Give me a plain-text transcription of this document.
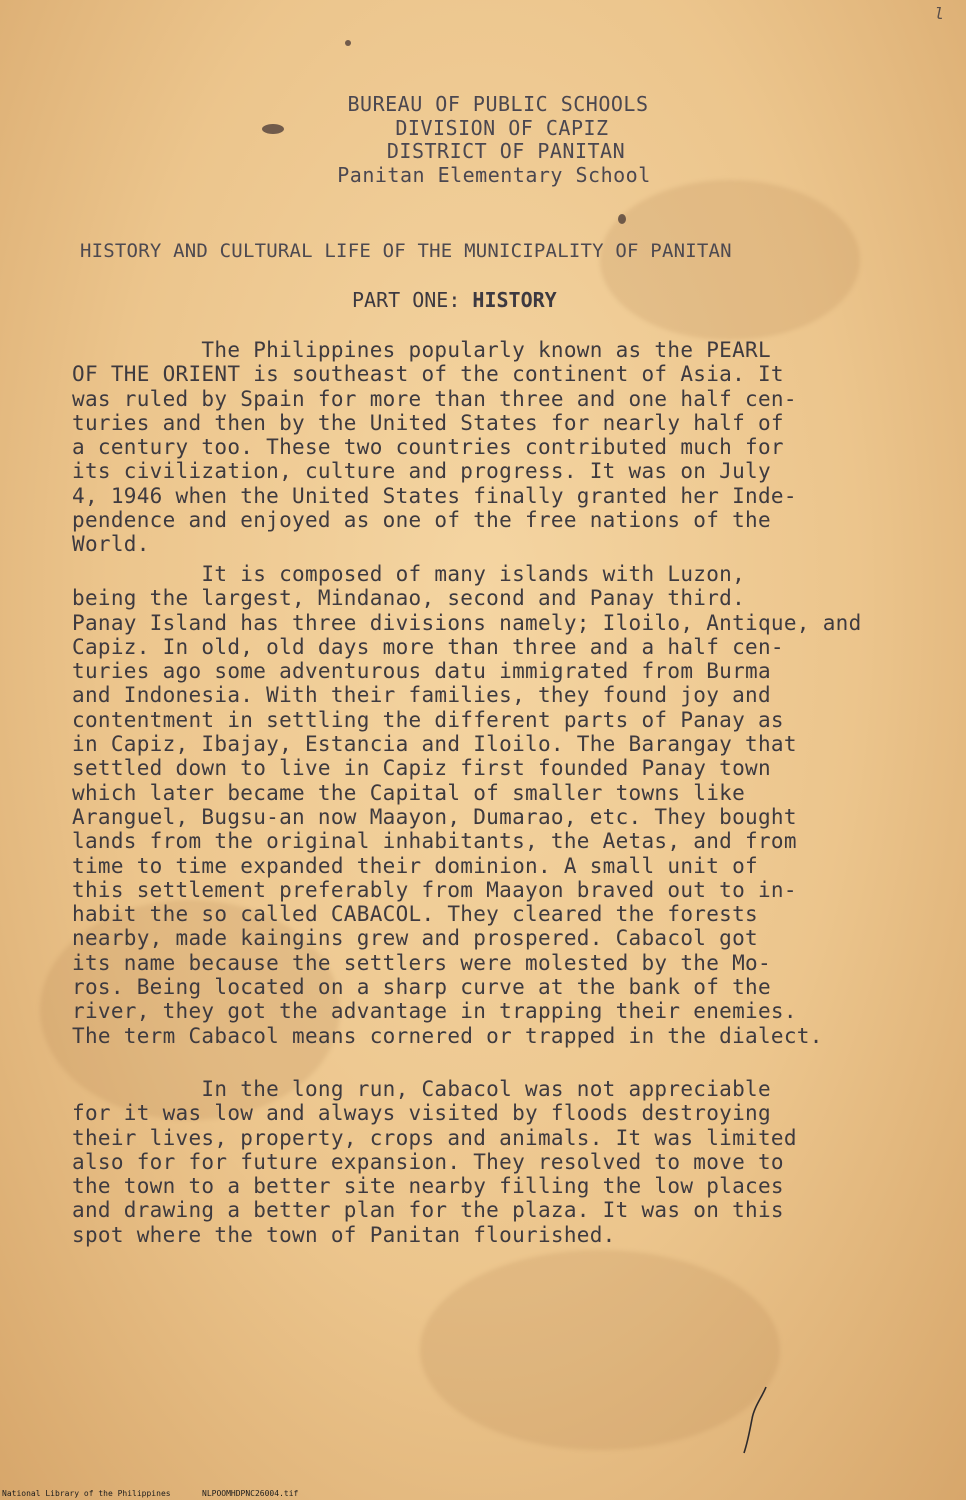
l
BUREAU OF PUBLIC SCHOOLS
DIVISION OF CAPIZ
DISTRICT OF PANITAN
Panitan Elementary School
HISTORY AND CULTURAL LIFE OF THE MUNICIPALITY OF PANITAN
PART ONE: HISTORY
The Philippines popularly known as the PEARL
OF THE ORIENT is southeast of the continent of Asia. It
was ruled by Spain for more than three and one half cen-
turies and then by the United States for nearly half of
a century too. These two countries contributed much for
its civilization, culture and progress. It was on July
4, 1946 when the United States finally granted her Inde-
pendence and enjoyed as one of the free nations of the
World.
It is composed of many islands with Luzon,
being the largest, Mindanao, second and Panay third.
Panay Island has three divisions namely; Iloilo, Antique, and
Capiz. In old, old days more than three and a half cen-
turies ago some adventurous datu immigrated from Burma
and Indonesia. With their families, they found joy and
contentment in settling the different parts of Panay as
in Capiz, Ibajay, Estancia and Iloilo. The Barangay that
settled down to live in Capiz first founded Panay town
which later became the Capital of smaller towns like
Aranguel, Bugsu-an now Maayon, Dumarao, etc. They bought
lands from the original inhabitants, the Aetas, and from
time to time expanded their dominion. A small unit of
this settlement preferably from Maayon braved out to in-
habit the so called CABACOL. They cleared the forests
nearby, made kaingins grew and prospered. Cabacol got
its name because the settlers were molested by the Mo-
ros. Being located on a sharp curve at the bank of the
river, they got the advantage in trapping their enemies.
The term Cabacol means cornered or trapped in the dialect.
In the long run, Cabacol was not appreciable
for it was low and always visited by floods destroying
their lives, property, crops and animals. It was limited
also for for future expansion. They resolved to move to
the town to a better site nearby filling the low places
and drawing a better plan for the plaza. It was on this
spot where the town of Panitan flourished.

National Library of the Philippines

	NLPOOMHDPNC26004.tif
